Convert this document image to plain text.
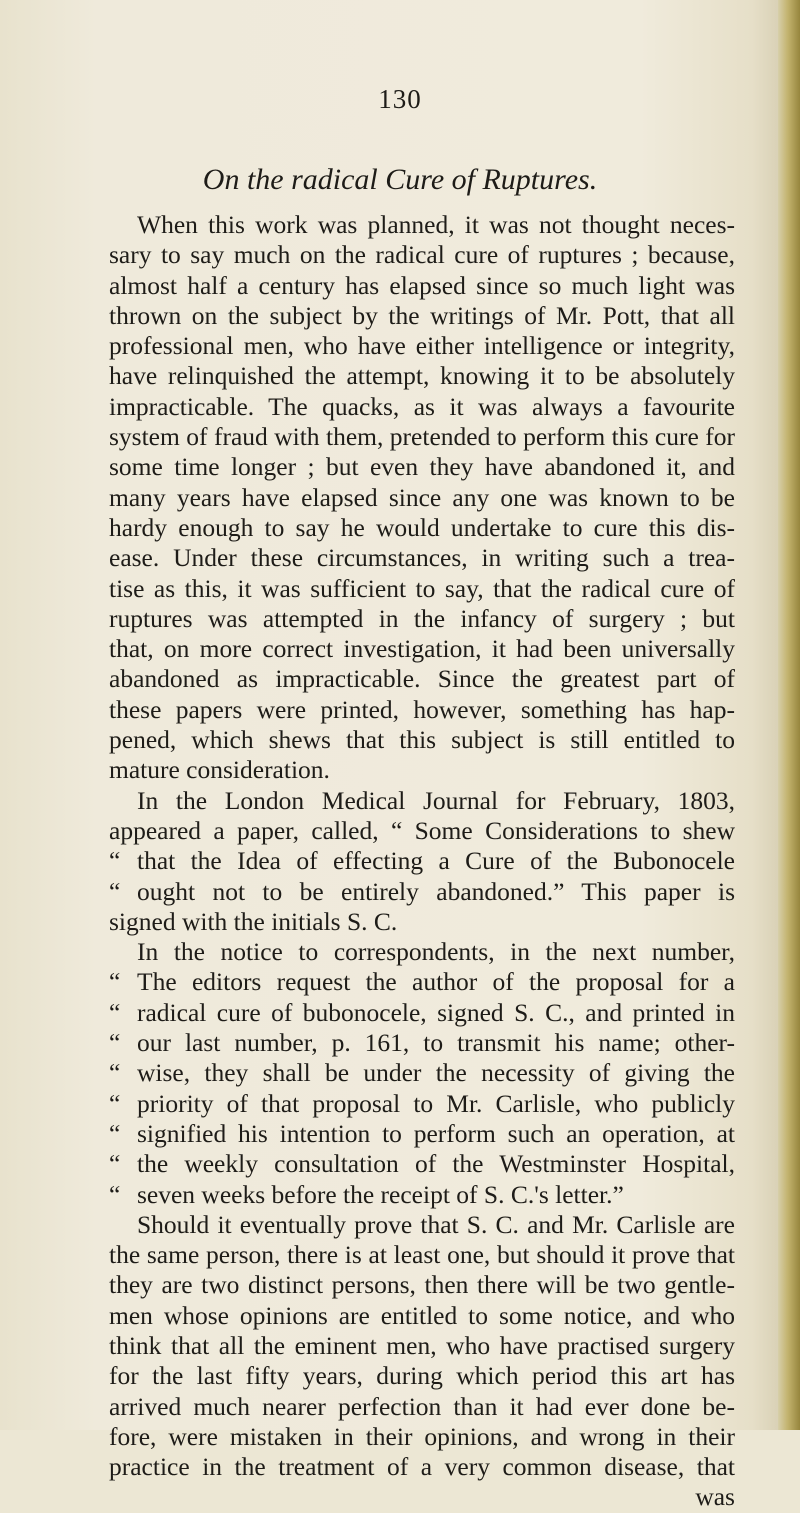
130
On the radical Cure of Ruptures.
When this work was planned, it was not thought neces-
sary to say much on the radical cure of ruptures ; because,
almost half a century has elapsed since so much light was
thrown on the subject by the writings of Mr. Pott, that all
professional men, who have either intelligence or integrity,
have relinquished the attempt, knowing it to be absolutely
impracticable. The quacks, as it was always a favourite
system of fraud with them, pretended to perform this cure for
some time longer ; but even they have abandoned it, and
many years have elapsed since any one was known to be
hardy enough to say he would undertake to cure this dis-
ease. Under these circumstances, in writing such a trea-
tise as this, it was sufficient to say, that the radical cure of
ruptures was attempted in the infancy of surgery ; but
that, on more correct investigation, it had been universally
abandoned as impracticable. Since the greatest part of
these papers were printed, however, something has hap-
pened, which shews that this subject is still entitled to
mature consideration.
In the London Medical Journal for February, 1803,
appeared a paper, called, “ Some Considerations to shew
“ that the Idea of effecting a Cure of the Bubonocele
“ ought not to be entirely abandoned.” This paper is
signed with the initials S. C.
In the notice to correspondents, in the next number,
“ The editors request the author of the proposal for a
“ radical cure of bubonocele, signed S. C., and printed in
“ our last number, p. 161, to transmit his name; other-
“ wise, they shall be under the necessity of giving the
“ priority of that proposal to Mr. Carlisle, who publicly
“ signified his intention to perform such an operation, at
“ the weekly consultation of the Westminster Hospital,
“ seven weeks before the receipt of S. C.'s letter.”
Should it eventually prove that S. C. and Mr. Carlisle are
the same person, there is at least one, but should it prove that
they are two distinct persons, then there will be two gentle-
men whose opinions are entitled to some notice, and who
think that all the eminent men, who have practised surgery
for the last fifty years, during which period this art has
arrived much nearer perfection than it had ever done be-
fore, were mistaken in their opinions, and wrong in their
practice in the treatment of a very common disease, that
was
